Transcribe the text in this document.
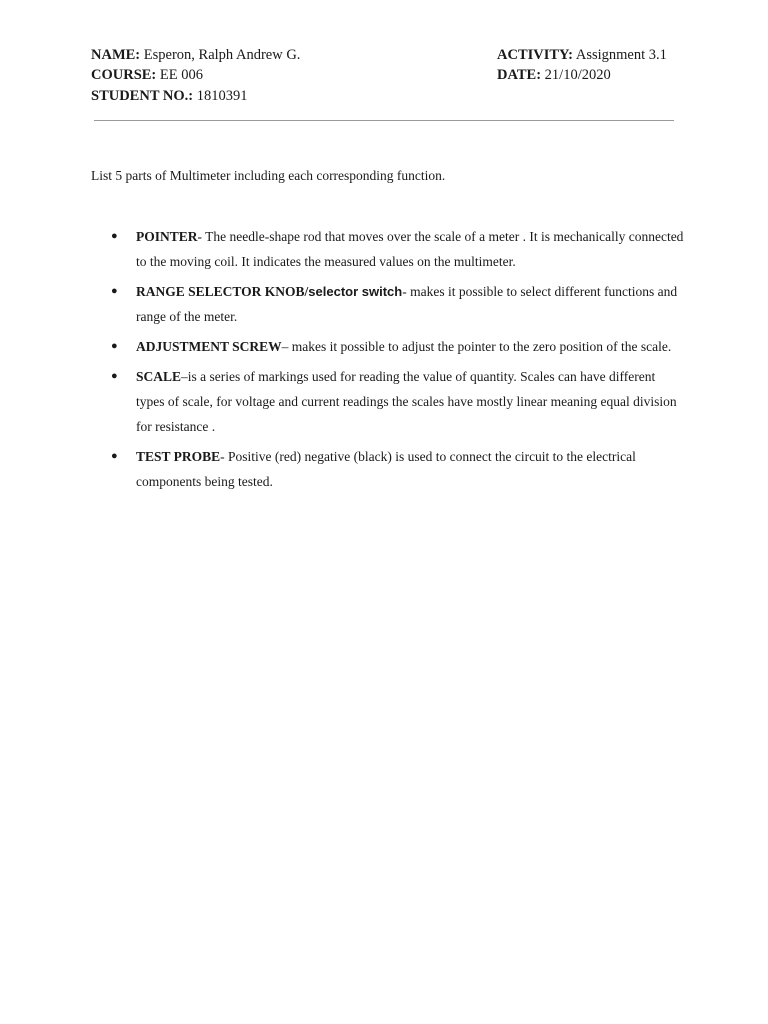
NAME: Esperon, Ralph Andrew G.
COURSE: EE 006
STUDENT NO.: 1810391
ACTIVITY: Assignment 3.1
DATE: 21/10/2020
List 5 parts of Multimeter including each corresponding function.
● POINTER- The needle-shape rod that moves over the scale of a meter . It is mechanically connected to the moving coil. It indicates the measured values on the multimeter.
● RANGE SELECTOR KNOB/selector switch- makes it possible to select different functions and range of the meter.
● ADJUSTMENT SCREW– makes it possible to adjust the pointer to the zero position of the scale.
● SCALE–is a series of markings used for reading the value of quantity. Scales can have different types of scale, for voltage and current readings the scales have mostly linear meaning equal division for resistance .
● TEST PROBE- Positive (red) negative (black) is used to connect the circuit to the electrical components being tested.
